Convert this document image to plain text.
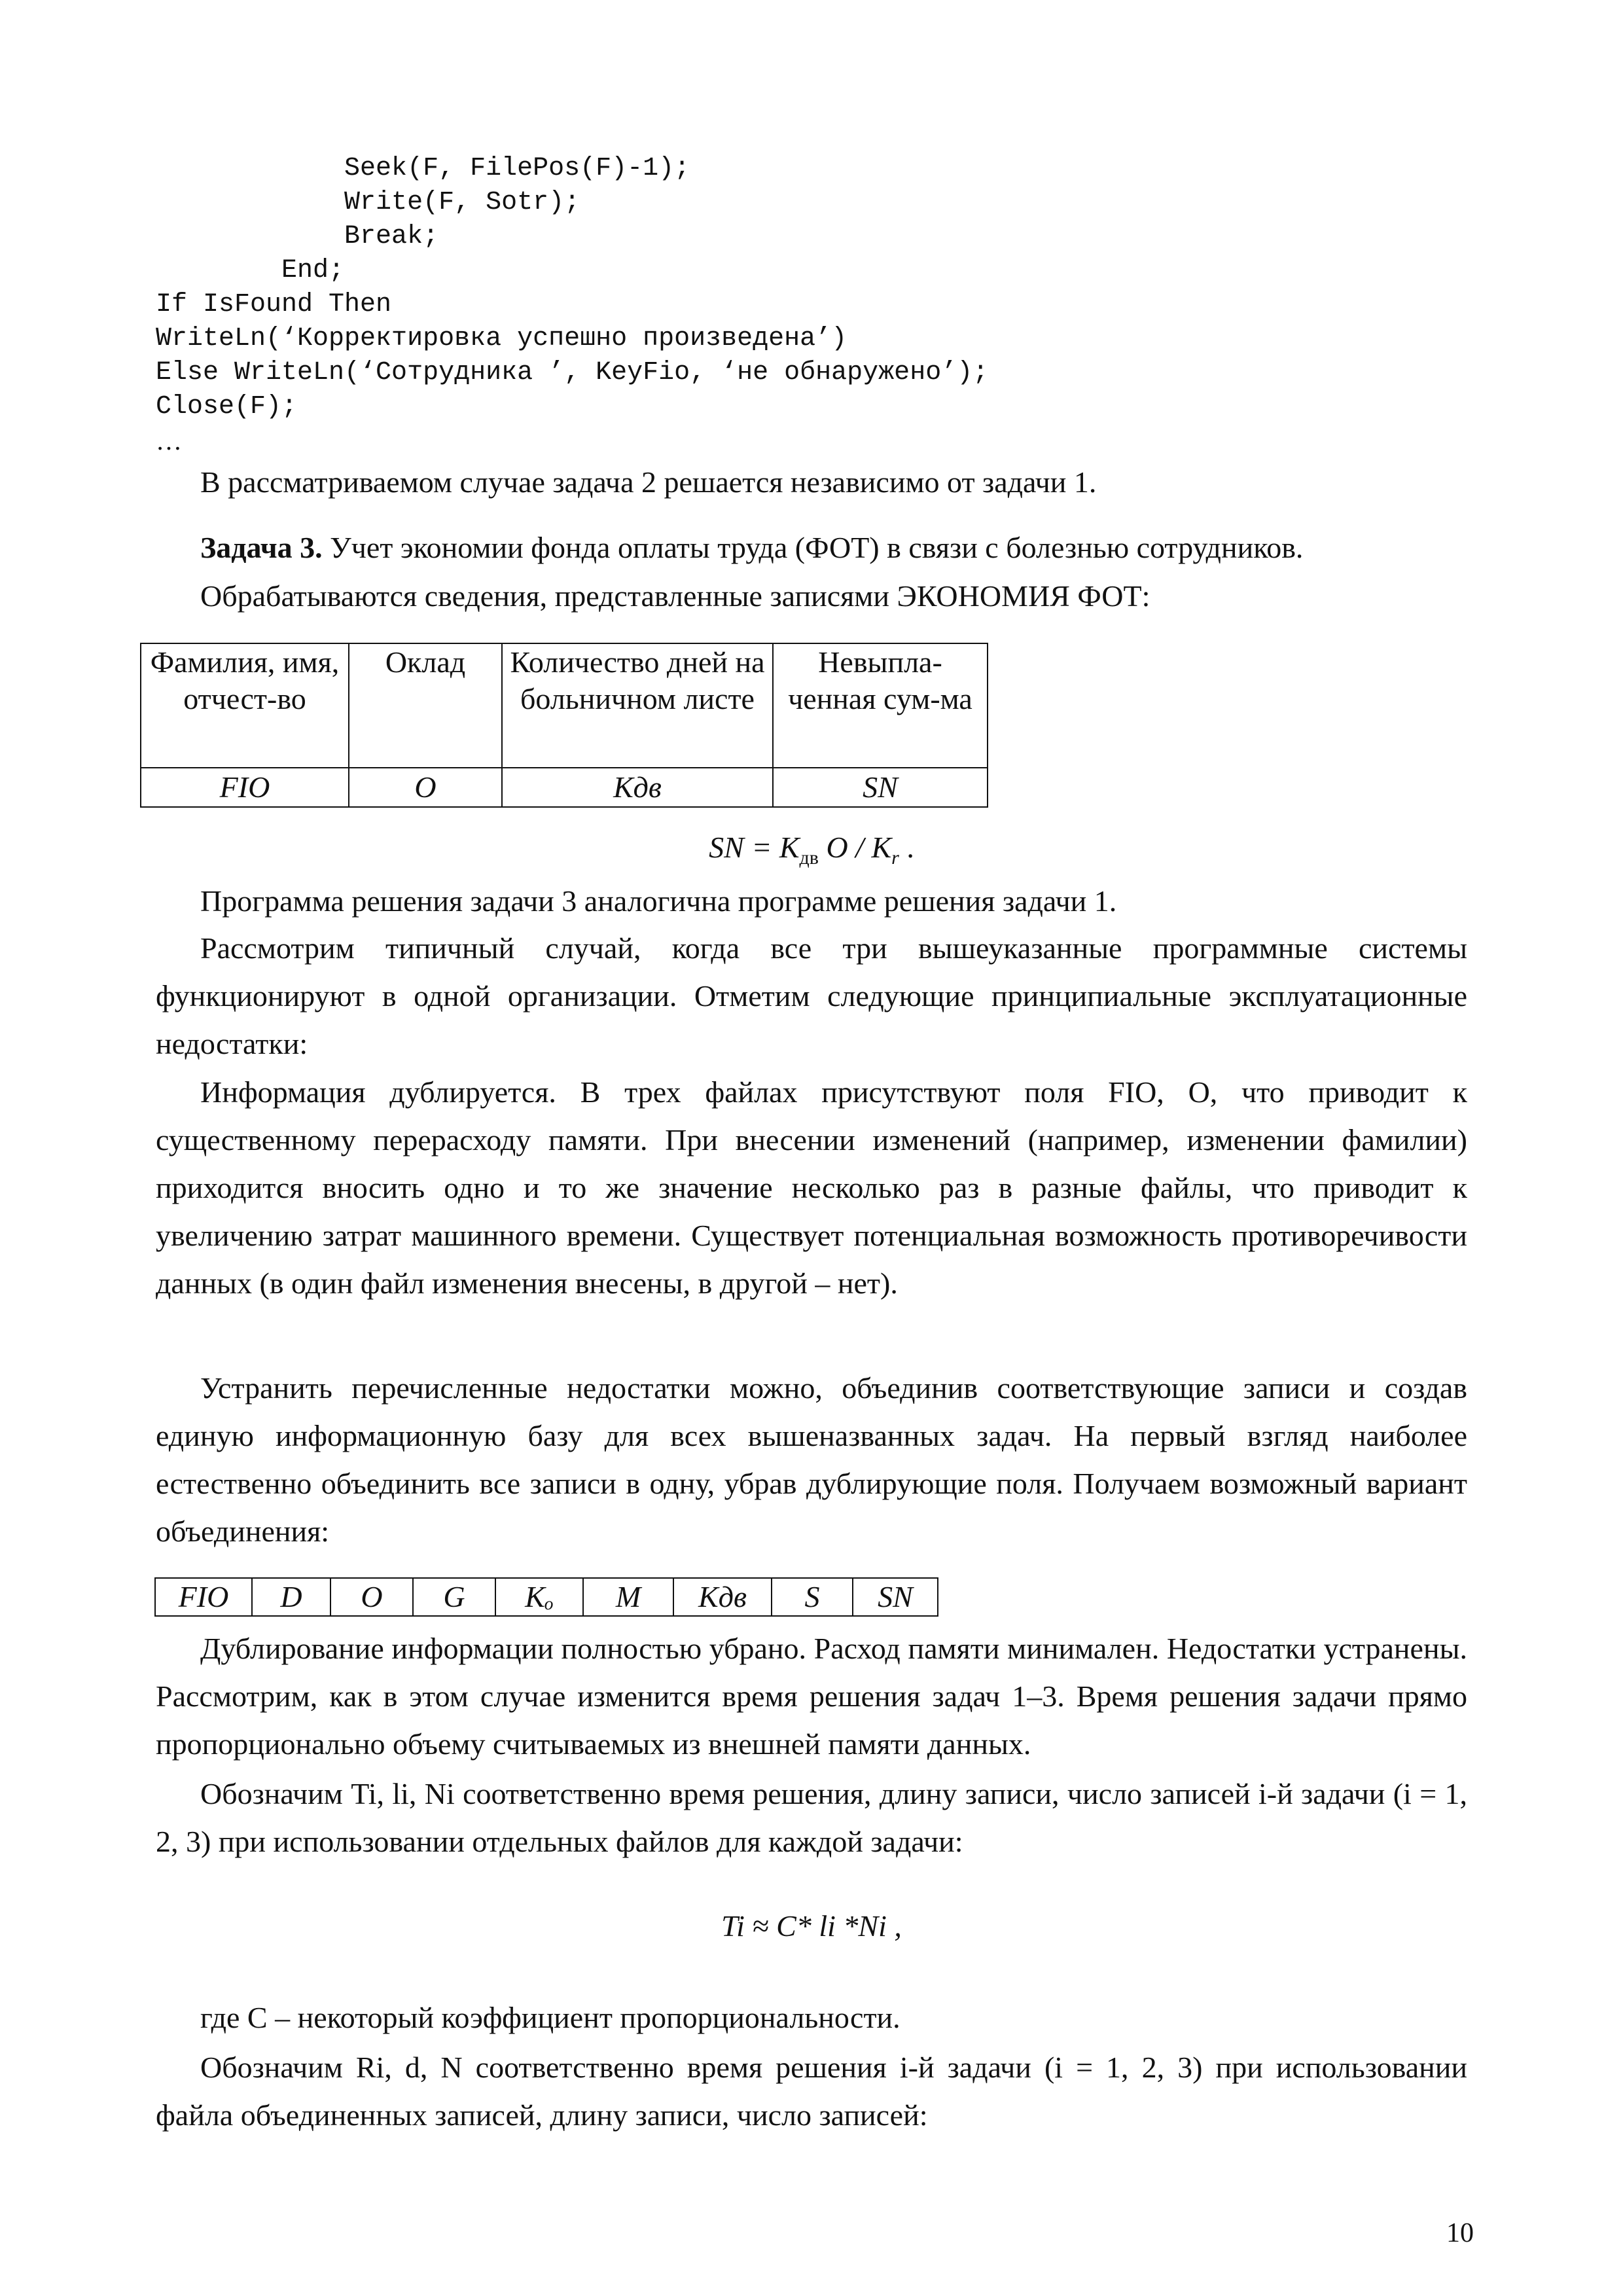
Seek(F, FilePos(F)-1);
Write(F, Sotr);
Break;
End;
If IsFound Then
WriteLn(‘Корректировка успешно произведена’)
Else WriteLn(‘Сотрудника ’, KeyFio, ‘не обнаружено’);
Close(F);
…

В рассматриваемом случае задача 2 решается независимо от задачи 1.

Задача 3. Учет экономии фонда оплаты труда (ФОТ) в связи с болезнью сотрудников.

Обрабатываются сведения, представленные записями ЭКОНОМИЯ ФОТ:

Фамилия, имя, отчест-во	Оклад	Количество дней на больничном листе	Невыпла-ченная сум-ма
FIO	O	Кдв	SN
SN = $K_{дв}$ O / $K_r$ .

Программа решения задачи 3 аналогична программе решения задачи 1.

Рассмотрим типичный случай, когда все три вышеуказанные программные системы функционируют в одной организации. Отметим следующие принципиальные эксплуатационные недостатки:

Информация дублируется. В трех файлах присутствуют поля FIO, O, что приводит к существенному перерасходу памяти. При внесении изменений (например, изменении фамилии) приходится вносить одно и то же значение несколько раз в разные файлы, что приводит к увеличению затрат машинного времени. Существует потенциальная возможность противоречивости данных (в один файл изменения внесены, в другой – нет).

Устранить перечисленные недостатки можно, объединив соответствующие записи и создав единую информационную базу для всех вышеназванных задач. На первый взгляд наиболее естественно объединить все записи в одну, убрав дублирующие поля. Получаем возможный вариант объединения:

FIO	D	O	G	Kₒ	M	Kдв	S	SN

Дублирование информации полностью убрано. Расход памяти минимален. Недостатки устранены. Рассмотрим, как в этом случае изменится время решения задач 1–3. Время решения задачи прямо пропорционально объему считываемых из внешней памяти данных.

Обозначим Ti, li, Ni соответственно время решения, длину записи, число записей i-й задачи (i = 1, 2, 3) при использовании отдельных файлов для каждой задачи:

Ti ≈ C* li *Ni ,

где C – некоторый коэффициент пропорциональности.

Обозначим Ri, d, N соответственно время решения i-й задачи (i = 1, 2, 3) при использовании файла объединенных записей, длину записи, число записей:

10
